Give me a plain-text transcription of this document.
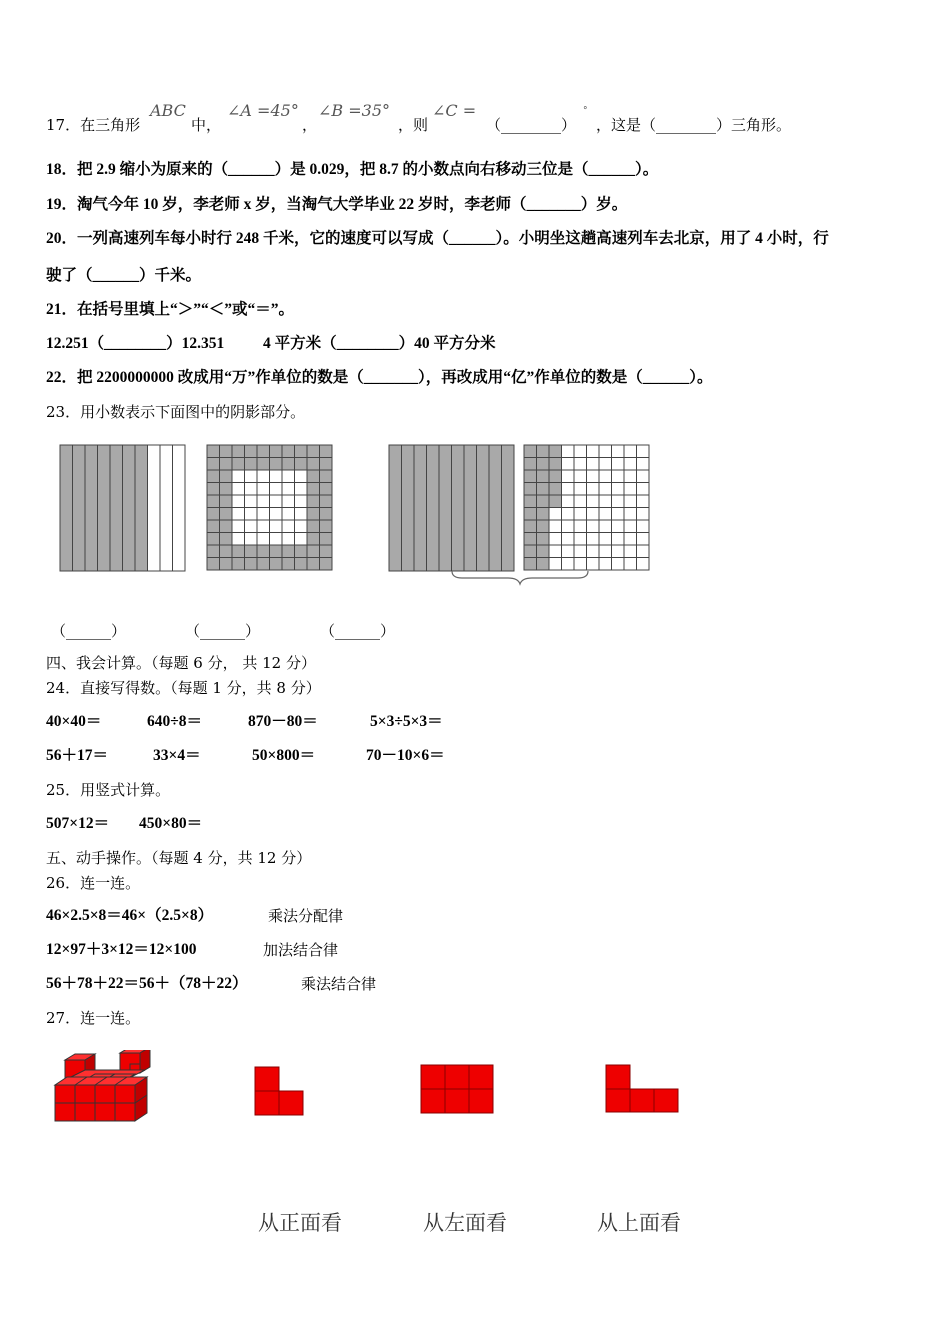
17．在三角形
ABC
中，
∠A =45°
，
∠B =35°
，则
∠C =
（________）
°
，这是（________）三角形。
18．把 2.9 缩小为原来的（______）是 0.029，把 8.7 的小数点向右移动三位是（______）。
19．淘气今年 10 岁，李老师 x 岁，当淘气大学毕业 22 岁时，李老师（_______）岁。
20．一列高速列车每小时行 248 千米，它的速度可以写成（______）。小明坐这趟高速列车去北京，用了 4 小时，行
驶了（______）千米。
21．在括号里填上“＞”“＜”或“＝”。
12.251（________）12.351 4 平方米（________）40 平方分米
22．把 2200000000 改成用“万”作单位的数是（_______），再改成用“亿”作单位的数是（______）。
23．用小数表示下面图中的阴影部分。
（______）	（______）	（______）
四、我会计算。（每题 6 分， 共 12 分）
24．直接写得数。（每题 1 分，共 8 分）
40×40＝	640÷8＝	870－80＝	5×3÷5×3＝
56＋17＝	33×4＝	50×800＝	70－10×6＝
25．用竖式计算。
507×12＝ 450×80＝
五、动手操作。（每题 4 分，共 12 分）
26．连一连。
46×2.5×8＝46×（2.5×8）	乘法分配律
12×97＋3×12＝12×100	加法结合律
56＋78＋22＝56＋（78＋22）	乘法结合律
27．连一连。
从正面看	从左面看	从上面看
